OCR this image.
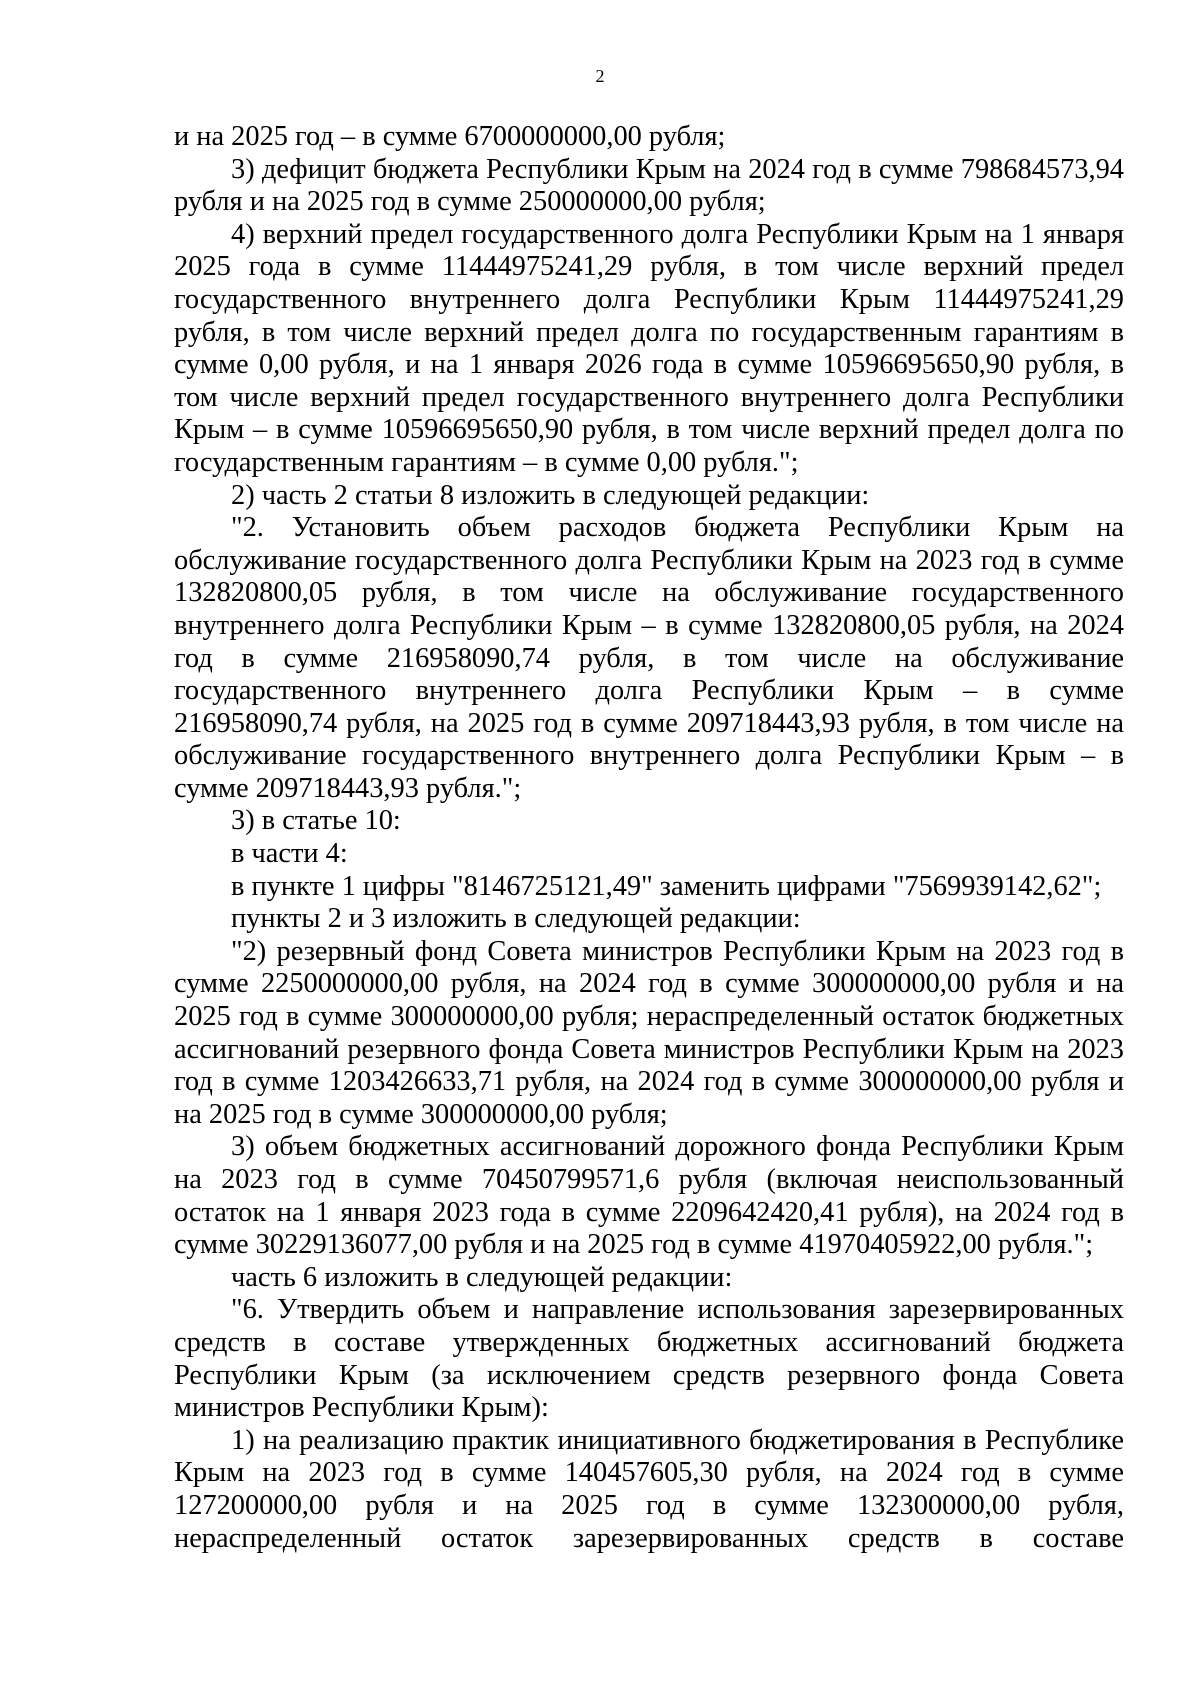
2

и на 2025 год – в сумме 6700000000,00 рубля;

3) дефицит бюджета Республики Крым на 2024 год в сумме 798684573,94 рубля и на 2025 год в сумме 250000000,00 рубля;

4) верхний предел государственного долга Республики Крым на 1 января 2025 года в сумме 11444975241,29 рубля, в том числе верхний предел государственного внутреннего долга Республики Крым 11444975241,29 рубля, в том числе верхний предел долга по государственным гарантиям в сумме 0,00 рубля, и на 1 января 2026 года в сумме 10596695650,90 рубля, в том числе верхний предел государственного внутреннего долга Республики Крым – в сумме 10596695650,90 рубля, в том числе верхний предел долга по государственным гарантиям – в сумме 0,00 рубля.";

2) часть 2 статьи 8 изложить в следующей редакции:

"2. Установить объем расходов бюджета Республики Крым на обслуживание государственного долга Республики Крым на 2023 год в сумме 132820800,05 рубля, в том числе на обслуживание государственного внутреннего долга Республики Крым – в сумме 132820800,05 рубля, на 2024 год в сумме 216958090,74 рубля, в том числе на обслуживание государственного внутреннего долга Республики Крым – в сумме 216958090,74 рубля, на 2025 год в сумме 209718443,93 рубля, в том числе на обслуживание государственного внутреннего долга Республики Крым – в сумме 209718443,93 рубля.";

3) в статье 10:

в части 4:

в пункте 1 цифры "8146725121,49" заменить цифрами "7569939142,62";

пункты 2 и 3 изложить в следующей редакции:

"2) резервный фонд Совета министров Республики Крым на 2023 год в сумме 2250000000,00 рубля, на 2024 год в сумме 300000000,00 рубля и на 2025 год в сумме 300000000,00 рубля; нераспределенный остаток бюджетных ассигнований резервного фонда Совета министров Республики Крым на 2023 год в сумме 1203426633,71 рубля, на 2024 год в сумме 300000000,00 рубля и на 2025 год в сумме 300000000,00 рубля;

3) объем бюджетных ассигнований дорожного фонда Республики Крым на 2023 год в сумме 70450799571,6 рубля (включая неиспользованный остаток на 1 января 2023 года в сумме 2209642420,41 рубля), на 2024 год в сумме 30229136077,00 рубля и на 2025 год в сумме 41970405922,00 рубля.";

часть 6 изложить в следующей редакции:

"6. Утвердить объем и направление использования зарезервированных средств в составе утвержденных бюджетных ассигнований бюджета Республики Крым (за исключением средств резервного фонда Совета министров Республики Крым):

1) на реализацию практик инициативного бюджетирования в Республике Крым на 2023 год в сумме 140457605,30 рубля, на 2024 год в сумме 127200000,00 рубля и на 2025 год в сумме 132300000,00 рубля, нераспределенный остаток зарезервированных средств в составе
